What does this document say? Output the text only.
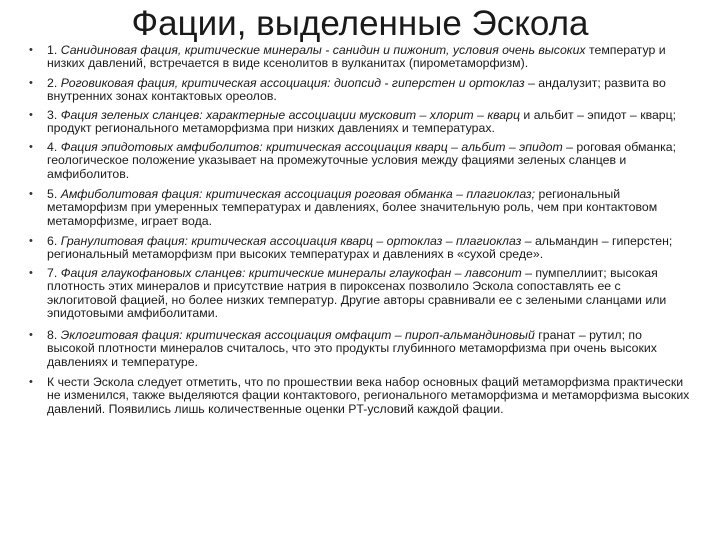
Фации, выделенные Эскола
•	1. Санидиновая фация, критические минералы - санидин и пижонит, условия очень высоких температур и низких давлений, встречается в виде ксенолитов в вулканитах (пирометаморфизм).
•	2. Роговиковая фация, критическая ассоциация: диопсид - гиперстен и ортоклаз – андалузит; развита во внутренних зонах контактовых ореолов.
•	3. Фация зеленых сланцев: характерные ассоциации мусковит – хлорит – кварц и альбит – эпидот – кварц; продукт регионального метаморфизма при низких давлениях и температурах.
•	4. Фация эпидотовых амфиболитов: критическая ассоциация кварц – альбит – эпидот – роговая обманка; геологическое положение указывает на промежуточные условия между фациями зеленых сланцев и амфиболитов.
•	5. Амфиболитовая фация: критическая ассоциация роговая обманка – плагиоклаз; региональный метаморфизм при умеренных температурах и давлениях, более значительную роль, чем при контактовом метаморфизме, играет вода.
•	6. Гранулитовая фация: критическая ассоциация кварц – ортоклаз – плагиоклаз – альмандин – гиперстен; региональный метаморфизм при высоких температурах и давлениях в «сухой среде».
•	7. Фация глаукофановых сланцев: критические минералы глаукофан – лавсонит – пумпеллиит; высокая плотность этих минералов и присутствие натрия в пироксенах позволило Эскола сопоставлять ее с эклогитовой фацией, но более низких температур. Другие авторы сравнивали ее с зелеными сланцами или эпидотовыми амфиболитами.
•	8. Эклогитовая фация: критическая ассоциация омфацит – пироп-альмандиновый гранат – рутил; по высокой плотности минералов считалось, что это продукты глубинного метаморфизма при очень высоких давлениях и температуре.
•	К чести Эскола следует отметить, что по прошествии века набор основных фаций метаморфизма практически не изменился, также выделяются фации контактового, регионального метаморфизма и метаморфизма высоких давлений. Появились лишь количественные оценки PT-условий каждой фации.
